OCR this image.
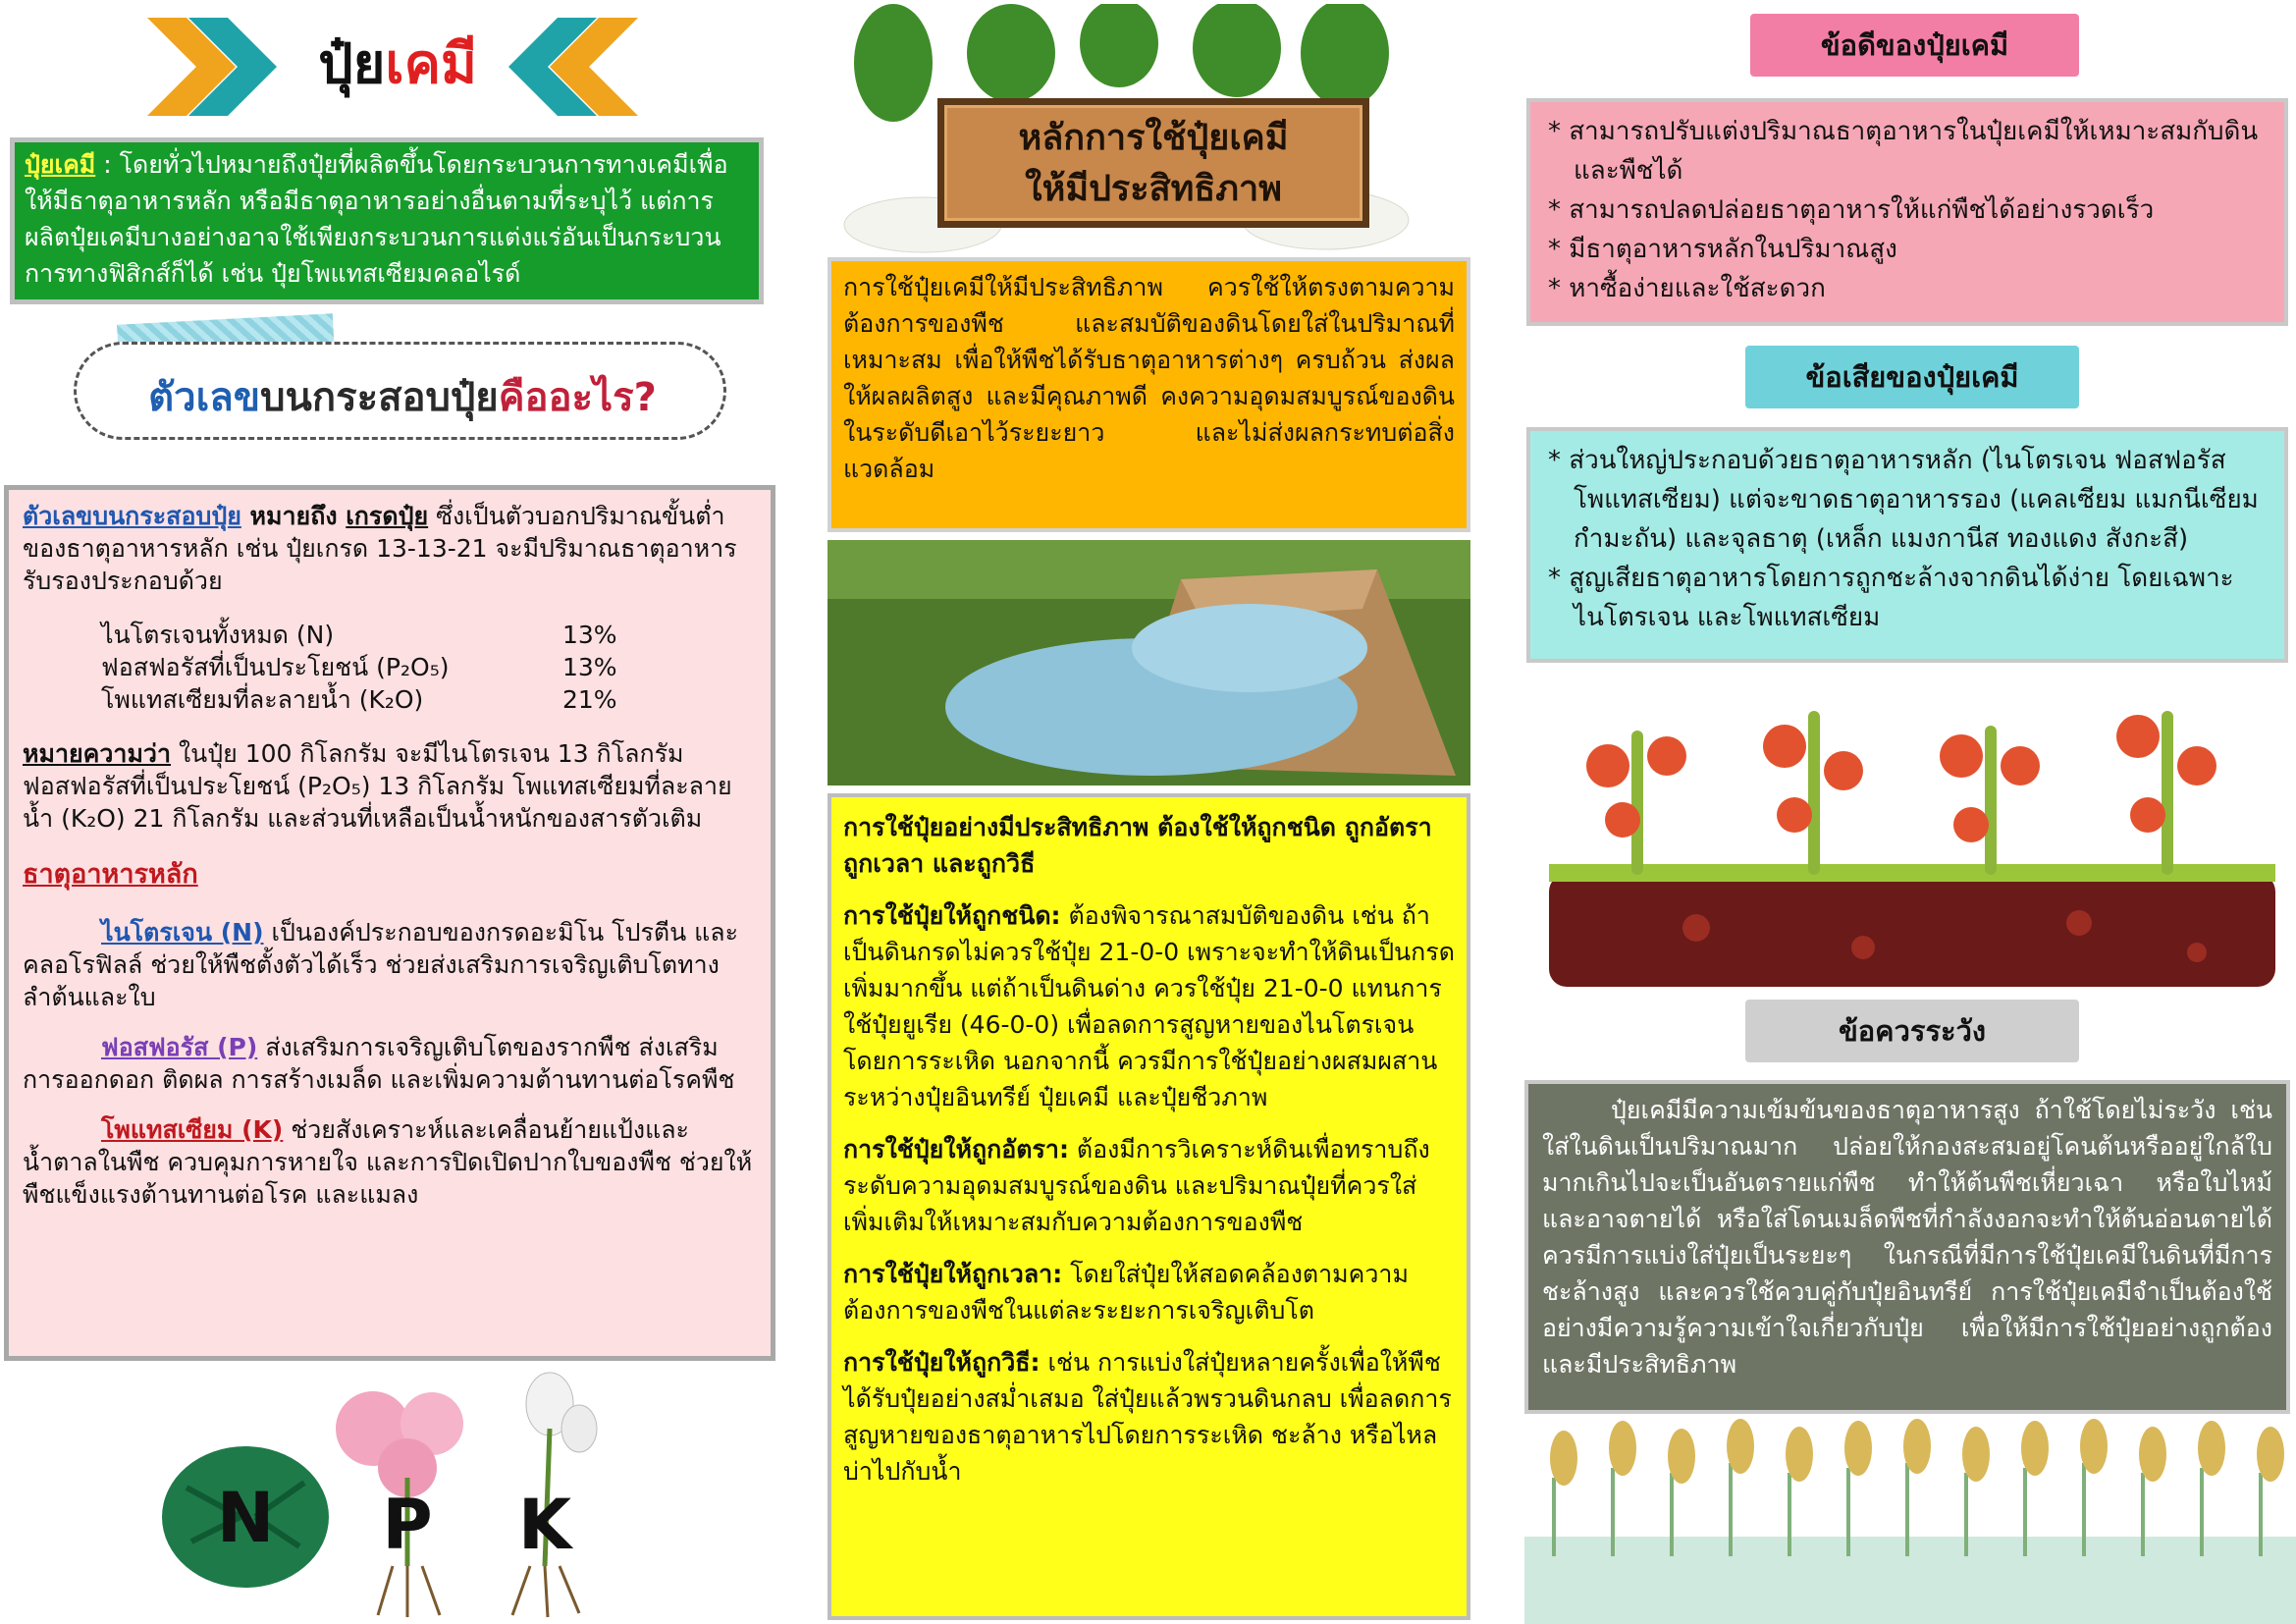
ปุ๋ยเคมี
ปุ๋ยเคมี : โดยทั่วไปหมายถึงปุ๋ยที่ผลิตขึ้นโดยกระบวนการทางเคมีเพื่อให้มีธาตุอาหารหลัก หรือมีธาตุอาหารอย่างอื่นตามที่ระบุไว้ แต่การผลิตปุ๋ยเคมีบางอย่างอาจใช้เพียงกระบวนการแต่งแร่อันเป็นกระบวนการทางฟิสิกส์ก็ได้ เช่น ปุ๋ยโพแทสเซียมคลอไรด์
ตัวเลขบนกระสอบปุ๋ยคืออะไร?

ตัวเลขบนกระสอบปุ๋ย หมายถึง เกรดปุ๋ย ซึ่งเป็นตัวบอกปริมาณขั้นต่ำของธาตุอาหารหลัก เช่น ปุ๋ยเกรด 13-13-21 จะมีปริมาณธาตุอาหารรับรองประกอบด้วย

ไนโตรเจนทั้งหมด (N)	13%
ฟอสฟอรัสที่เป็นประโยชน์ (P₂O₅)	13%
โพแทสเซียมที่ละลายน้ำ (K₂O)	21%

หมายความว่า ในปุ๋ย 100 กิโลกรัม จะมีไนโตรเจน 13 กิโลกรัม ฟอสฟอรัสที่เป็นประโยชน์ (P₂O₅) 13 กิโลกรัม โพแทสเซียมที่ละลายน้ำ (K₂O) 21 กิโลกรัม และส่วนที่เหลือเป็นน้ำหนักของสารตัวเติม

ธาตุอาหารหลัก

ไนโตรเจน (N) เป็นองค์ประกอบของกรดอะมิโน โปรตีน และคลอโรฟิลล์ ช่วยให้พืชตั้งตัวได้เร็ว ช่วยส่งเสริมการเจริญเติบโตทางลำต้นและใบ

ฟอสฟอรัส (P) ส่งเสริมการเจริญเติบโตของรากพืช ส่งเสริมการออกดอก ติดผล การสร้างเมล็ด และเพิ่มความต้านทานต่อโรคพืช

โพแทสเซียม (K) ช่วยสังเคราะห์และเคลื่อนย้ายแป้งและน้ำตาลในพืช ควบคุมการหายใจ และการปิดเปิดปากใบของพืช ช่วยให้พืชแข็งแรงต้านทานต่อโรค และแมลง

N P K
หลักการใช้ปุ๋ยเคมี
ให้มีประสิทธิภาพ

การใช้ปุ๋ยเคมีให้มีประสิทธิภาพ ควรใช้ให้ตรงตามความต้องการของพืช และสมบัติของดินโดยใส่ในปริมาณที่เหมาะสม เพื่อให้พืชได้รับธาตุอาหารต่างๆ ครบถ้วน ส่งผลให้ผลผลิตสูง และมีคุณภาพดี คงความอุดมสมบูรณ์ของดินในระดับดีเอาไว้ระยะยาว และไม่ส่งผลกระทบต่อสิ่งแวดล้อม

การใช้ปุ๋ยอย่างมีประสิทธิภาพ ต้องใช้ให้ถูกชนิด ถูกอัตรา ถูกเวลา และถูกวิธี

การใช้ปุ๋ยให้ถูกชนิด: ต้องพิจารณาสมบัติของดิน เช่น ถ้าเป็นดินกรดไม่ควรใช้ปุ๋ย 21-0-0 เพราะจะทำให้ดินเป็นกรดเพิ่มมากขึ้น แต่ถ้าเป็นดินด่าง ควรใช้ปุ๋ย 21-0-0 แทนการใช้ปุ๋ยยูเรีย (46-0-0) เพื่อลดการสูญหายของไนโตรเจนโดยการระเหิด นอกจากนี้ ควรมีการใช้ปุ๋ยอย่างผสมผสานระหว่างปุ๋ยอินทรีย์ ปุ๋ยเคมี และปุ๋ยชีวภาพ

การใช้ปุ๋ยให้ถูกอัตรา: ต้องมีการวิเคราะห์ดินเพื่อทราบถึงระดับความอุดมสมบูรณ์ของดิน และปริมาณปุ๋ยที่ควรใส่เพิ่มเติมให้เหมาะสมกับความต้องการของพืช

การใช้ปุ๋ยให้ถูกเวลา: โดยใส่ปุ๋ยให้สอดคล้องตามความต้องการของพืชในแต่ละระยะการเจริญเติบโต

การใช้ปุ๋ยให้ถูกวิธี: เช่น การแบ่งใส่ปุ๋ยหลายครั้งเพื่อให้พืชได้รับปุ๋ยอย่างสม่ำเสมอ ใส่ปุ๋ยแล้วพรวนดินกลบ เพื่อลดการสูญหายของธาตุอาหารไปโดยการระเหิด ชะล้าง หรือไหลบ่าไปกับน้ำ

ข้อดีของปุ๋ยเคมี

* สามารถปรับแต่งปริมาณธาตุอาหารในปุ๋ยเคมีให้เหมาะสมกับดินและพืชได้

* สามารถปลดปล่อยธาตุอาหารให้แก่พืชได้อย่างรวดเร็ว

* มีธาตุอาหารหลักในปริมาณสูง

* หาซื้อง่ายและใช้สะดวก

ข้อเสียของปุ๋ยเคมี

* ส่วนใหญ่ประกอบด้วยธาตุอาหารหลัก (ไนโตรเจน ฟอสฟอรัส โพแทสเซียม) แต่จะขาดธาตุอาหารรอง (แคลเซียม แมกนีเซียม กำมะถัน) และจุลธาตุ (เหล็ก แมงกานีส ทองแดง สังกะสี)

* สูญเสียธาตุอาหารโดยการถูกชะล้างจากดินได้ง่าย โดยเฉพาะไนโตรเจน และโพแทสเซียม

ข้อควรระวัง

ปุ๋ยเคมีมีความเข้มข้นของธาตุอาหารสูง ถ้าใช้โดยไม่ระวัง เช่น ใส่ในดินเป็นปริมาณมาก ปล่อยให้กองสะสมอยู่โคนต้นหรืออยู่ใกล้ใบมากเกินไปจะเป็นอันตรายแก่พืช ทำให้ต้นพืชเหี่ยวเฉา หรือใบไหม้ และอาจตายได้ หรือใส่โดนเมล็ดพืชที่กำลังงอกจะทำให้ต้นอ่อนตายได้ ควรมีการแบ่งใส่ปุ๋ยเป็นระยะๆ ในกรณีที่มีการใช้ปุ๋ยเคมีในดินที่มีการชะล้างสูง และควรใช้ควบคู่กับปุ๋ยอินทรีย์ การใช้ปุ๋ยเคมีจำเป็นต้องใช้อย่างมีความรู้ความเข้าใจเกี่ยวกับปุ๋ย เพื่อให้มีการใช้ปุ๋ยอย่างถูกต้องและมีประสิทธิภาพ
